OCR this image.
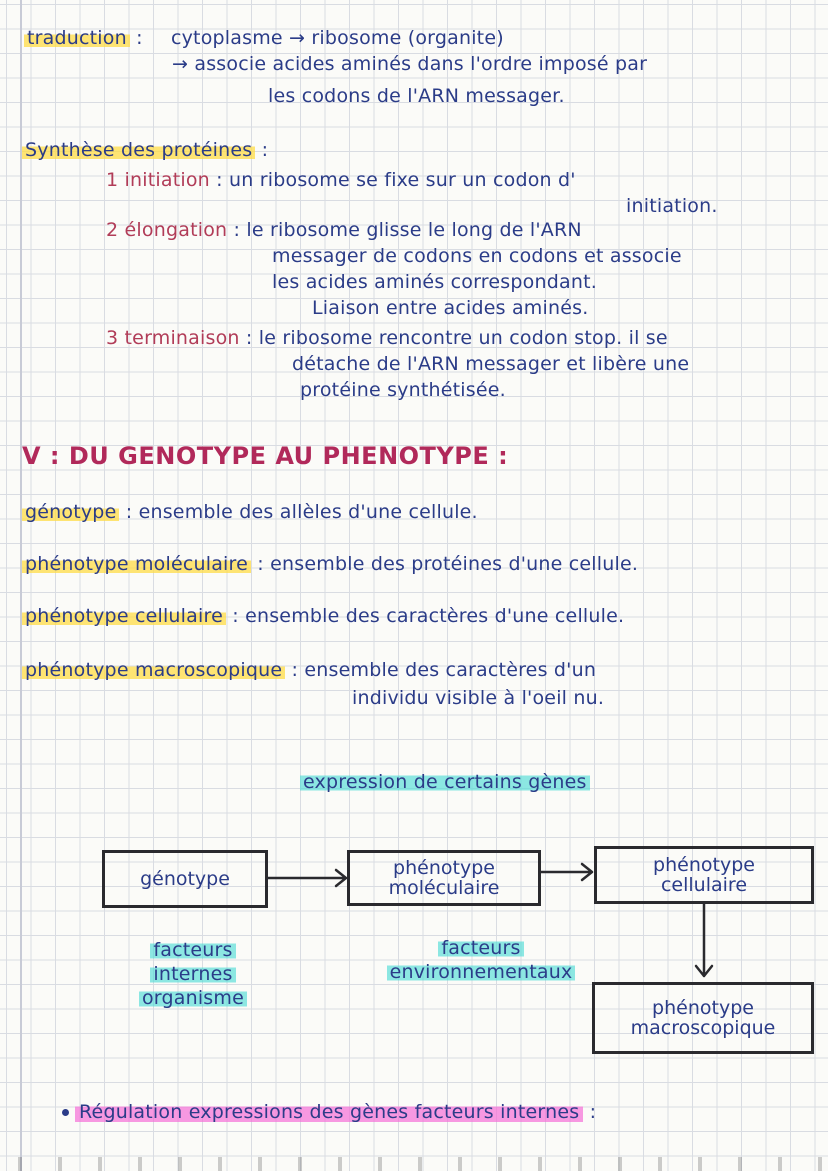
traduction : cytoplasme → ribosome (organite)
→ associe acides aminés dans l'ordre imposé par
les codons de l'ARN messager.
Synthèse des protéines :
1 initiation : un ribosome se fixe sur un codon d'
initiation.
2 élongation : le ribosome glisse le long de l'ARN
messager de codons en codons et associe
les acides aminés correspondant.
Liaison entre acides aminés.
3 terminaison : le ribosome rencontre un codon stop. il se
détache de l'ARN messager et libère une
protéine synthétisée.
V : DU GENOTYPE AU PHENOTYPE :
génotype : ensemble des allèles d'une cellule.
phénotype moléculaire : ensemble des protéines d'une cellule.
phénotype cellulaire : ensemble des caractères d'une cellule.
phénotype macroscopique : ensemble des caractères d'un
individu visible à l'oeil nu.
expression de certains gènes
génotype	phénotype
moléculaire
phénotype
cellulaire
phénotype
macroscopique
facteurs
internes
organisme
facteurs
environnementaux
Régulation expressions des gènes facteurs internes :
